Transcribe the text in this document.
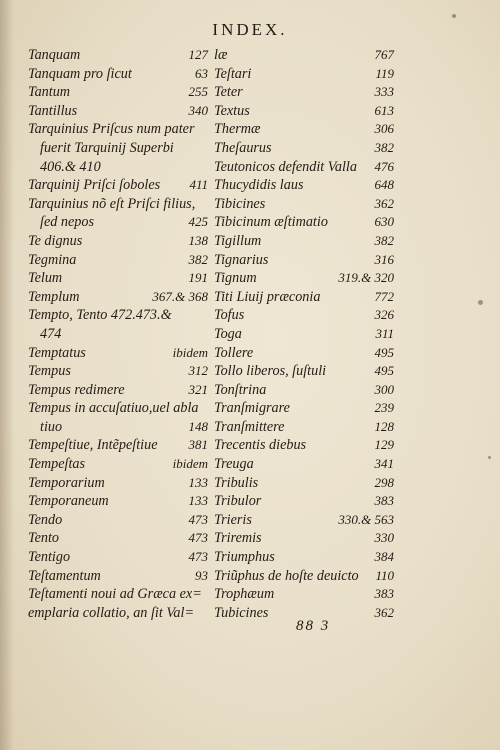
INDEX.
Tanquam	127
Tanquam pro ſicut	63
Tantum	255
Tantillus	340
Tarquinius Priſcus num pater
fuerit Tarquinij Superbi
406.& 410
Tarquinij Priſci ſoboles 411
Tarquinius nõ eſt Priſci filius,
ſed nepos	425
Te dignus	138
Tegmina	382
Telum	191
Templum	367.& 368
Tempto, Tento 472.473.&
474
Temptatus	ibidem
Tempus	312
Tempus redimere	321
Tempus in accuſatiuo,uel abla
tiuo	148
Tempeſtiue, Intẽpeſtiue 381
Tempeſtas	ibidem
Temporarium	133
Temporaneum	133
Tendo	473
Tento	473
Tentigo	473
Teſtamentum	93
Teſtamenti noui ad Græca ex=
emplaria collatio, an ſit Val=
læ	767
Teſtari	119
Teter	333
Textus	613
Thermæ	306
Theſaurus	382
Teutonicos defendit Valla 476
Thucydidis laus	648
Tibicines	362
Tibicinum æſtimatio	630
Tigillum	382
Tignarius	316
Tignum	319.& 320
Titi Liuij præconia	772
Tofus	326
Toga	311
Tollere	495
Tollo liberos, ſuſtuli	495
Tonſtrina	300
Tranſmigrare	239
Tranſmittere	128
Trecentis diebus	129
Treuga	341
Tribulis	298
Tribulor	383
Trieris	330.& 563
Triremis	330
Triumphus	384
Triũphus de hoſte deuicto 110
Trophæum	383
Tubicines	362
88 3
